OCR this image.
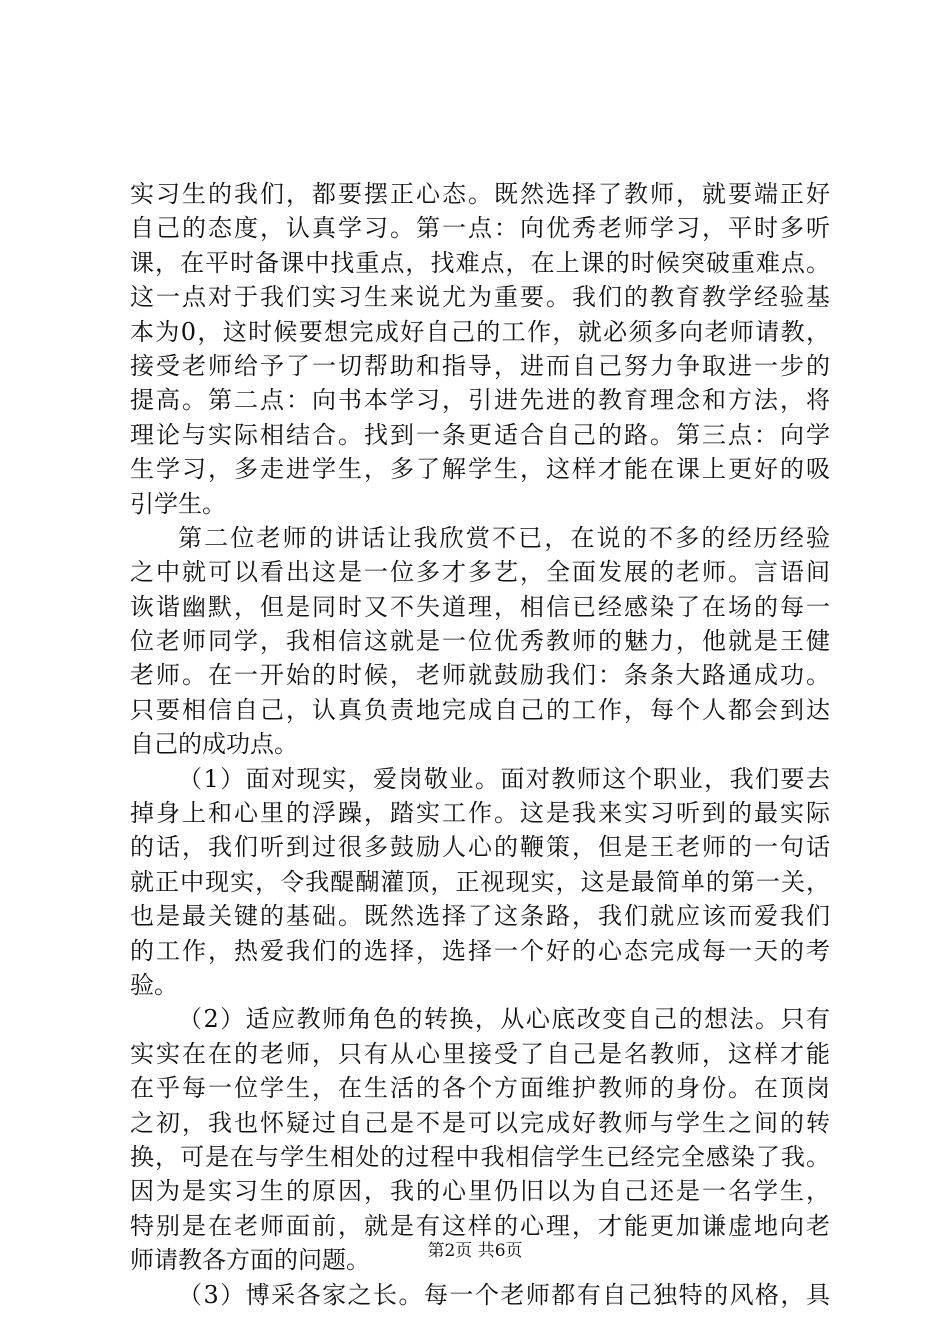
实习生的我们，都要摆正心态。既然选择了教师，就要端正好
自己的态度，认真学习。第一点：向优秀老师学习，平时多听
课，在平时备课中找重点，找难点，在上课的时候突破重难点。
这一点对于我们实习生来说尤为重要。我们的教育教学经验基
本为0，这时候要想完成好自己的工作，就必须多向老师请教，
接受老师给予了一切帮助和指导，进而自己努力争取进一步的
提高。第二点：向书本学习，引进先进的教育理念和方法，将
理论与实际相结合。找到一条更适合自己的路。第三点：向学
生学习，多走进学生，多了解学生，这样才能在课上更好的吸
引学生。
第二位老师的讲话让我欣赏不已，在说的不多的经历经验
之中就可以看出这是一位多才多艺，全面发展的老师。言语间
诙谐幽默，但是同时又不失道理，相信已经感染了在场的每一
位老师同学，我相信这就是一位优秀教师的魅力，他就是王健
老师。在一开始的时候，老师就鼓励我们：条条大路通成功。
只要相信自己，认真负责地完成自己的工作，每个人都会到达
自己的成功点。
（1）面对现实，爱岗敬业。面对教师这个职业，我们要去
掉身上和心里的浮躁，踏实工作。这是我来实习听到的最实际
的话，我们听到过很多鼓励人心的鞭策，但是王老师的一句话
就正中现实，令我醍醐灌顶，正视现实，这是最简单的第一关，
也是最关键的基础。既然选择了这条路，我们就应该而爱我们
的工作，热爱我们的选择，选择一个好的心态完成每一天的考
验。
（2）适应教师角色的转换，从心底改变自己的想法。只有
实实在在的老师，只有从心里接受了自己是名教师，这样才能
在乎每一位学生，在生活的各个方面维护教师的身份。在顶岗
之初，我也怀疑过自己是不是可以完成好教师与学生之间的转
换，可是在与学生相处的过程中我相信学生已经完全感染了我。
因为是实习生的原因，我的心里仍旧以为自己还是一名学生，
特别是在老师面前，就是有这样的心理，才能更加谦虚地向老
师请教各方面的问题。
（3）博采各家之长。每一个老师都有自己独特的风格，具
第2页 共6页
